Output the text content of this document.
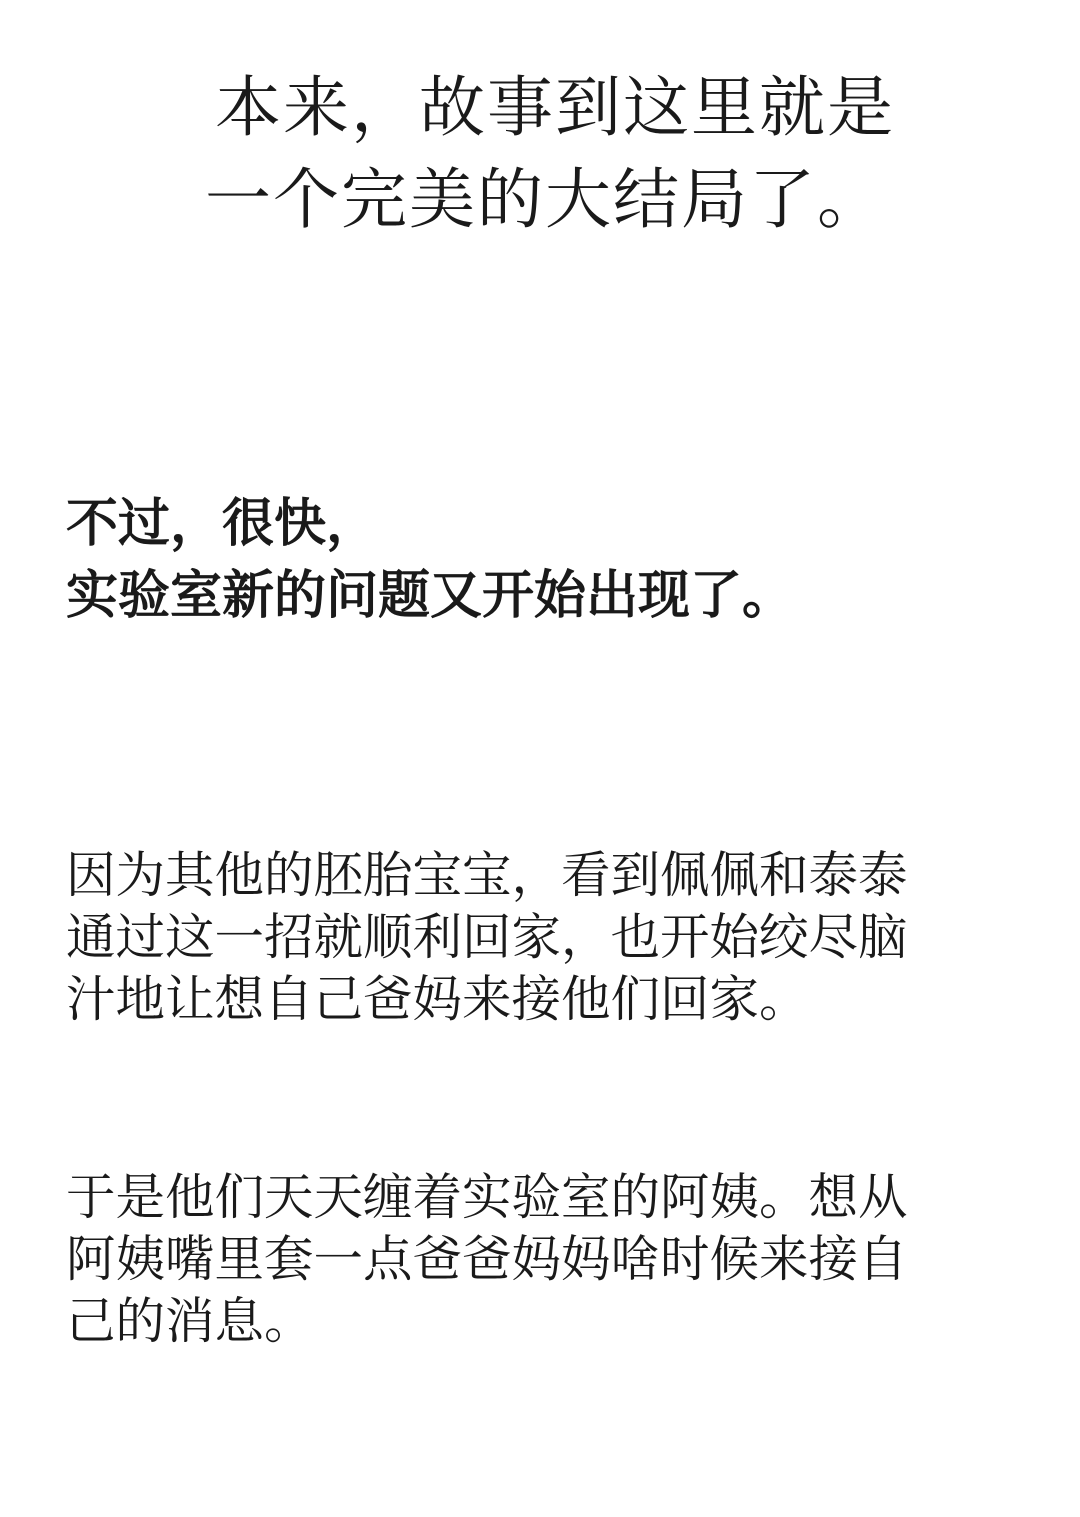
本来，故事到这里就是
一个完美的大结局了。
不过，很快，
实验室新的问题又开始出现了。

因为其他的胚胎宝宝，看到佩佩和泰泰
通过这一招就顺利回家，也开始绞尽脑
汁地让想自己爸妈来接他们回家。

于是他们天天缠着实验室的阿姨。想从
阿姨嘴里套一点爸爸妈妈啥时候来接自
己的消息。
